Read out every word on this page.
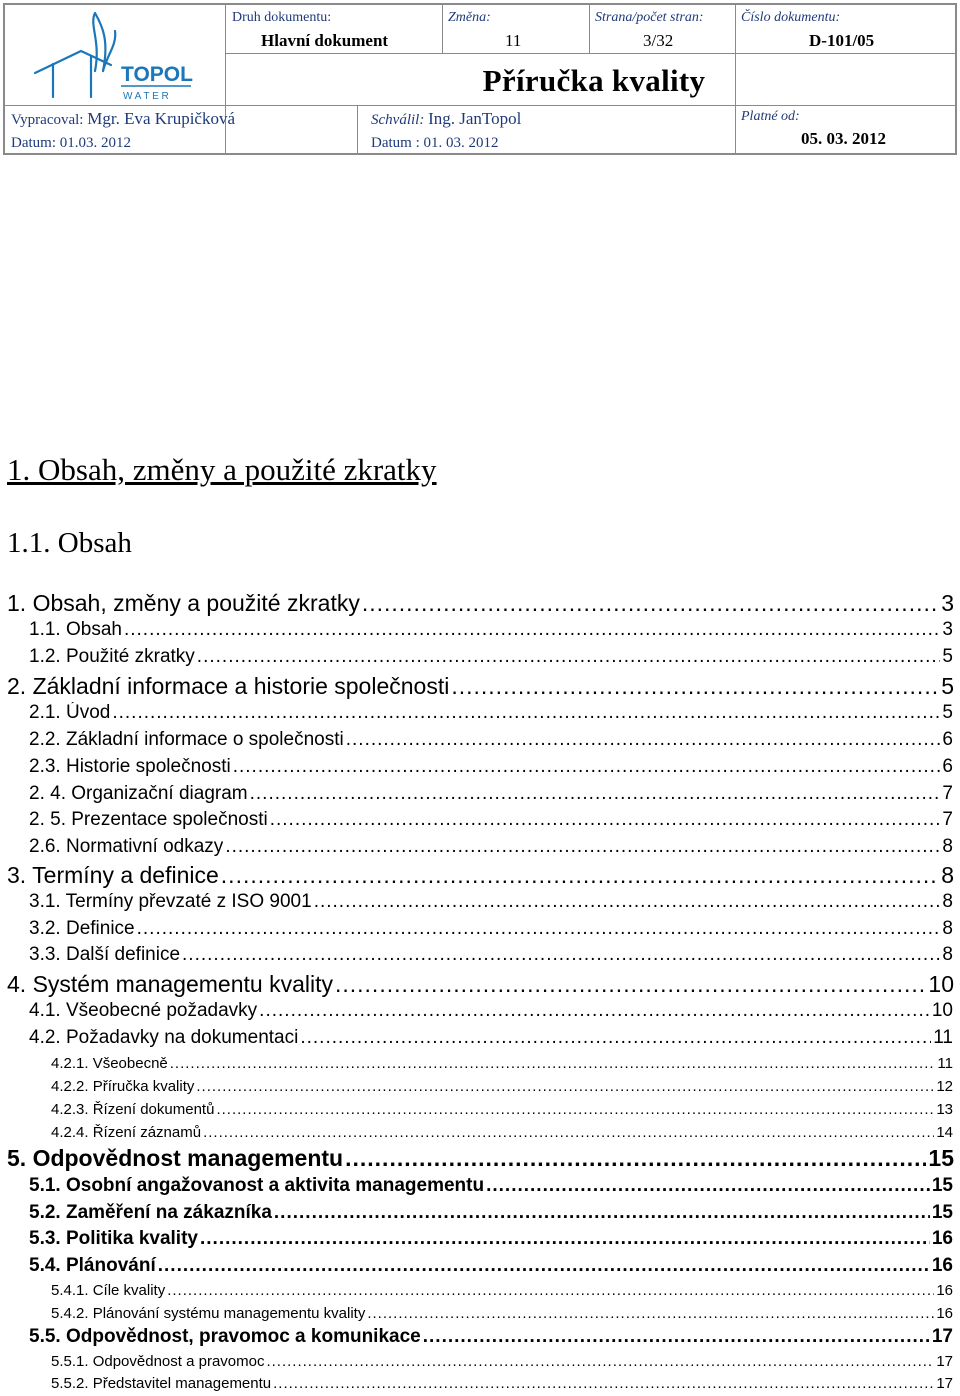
TOPOL
W A T E R
Druh dokumentu:
Hlavní dokument
Změna:
11
Strana/počet stran:
3/32
Číslo dokumentu:
D-101/05
Příručka kvality
Vypracoval: Mgr. Eva Krupičková
Datum: 01.03. 2012
Schválil: Ing. JanTopol
Datum : 01. 03. 2012
Platné od:
05. 03. 2012
1. Obsah, změny a použité zkratky
1.1. Obsah
1. Obsah, změny a použité zkratky .....	3
1.1. Obsah .....	3
1.2. Použité zkratky .....	5
2. Základní informace a historie společnosti .....	5
2.1. Úvod .....	5
2.2. Základní informace o společnosti .....	6
2.3. Historie společnosti .....	6
2. 4. Organizační diagram .....	7
2. 5. Prezentace společnosti .....	7
2.6. Normativní odkazy .....	8
3. Termíny a definice .....	8
3.1. Termíny převzaté z ISO 9001 .....	8
3.2. Definice .....	8
3.3. Další definice .....	8
4. Systém managementu kvality .....	10
4.1. Všeobecné požadavky .....	10
4.2. Požadavky na dokumentaci .....	11
4.2.1. Všeobecně .....	11
4.2.2. Příručka kvality .....	12
4.2.3. Řízení dokumentů .....	13
4.2.4. Řízení záznamů .....	14
5. Odpovědnost managementu .....	15
5.1. Osobní angažovanost a aktivita managementu .....	15
5.2. Zaměření na zákazníka .....	15
5.3. Politika kvality .....	16
5.4. Plánování .....	16
5.4.1. Cíle kvality .....	16
5.4.2. Plánování systému managementu kvality .....	16
5.5. Odpovědnost, pravomoc a komunikace .....	17
5.5.1. Odpovědnost a pravomoc .....	17
5.5.2. Představitel managementu .....	17
